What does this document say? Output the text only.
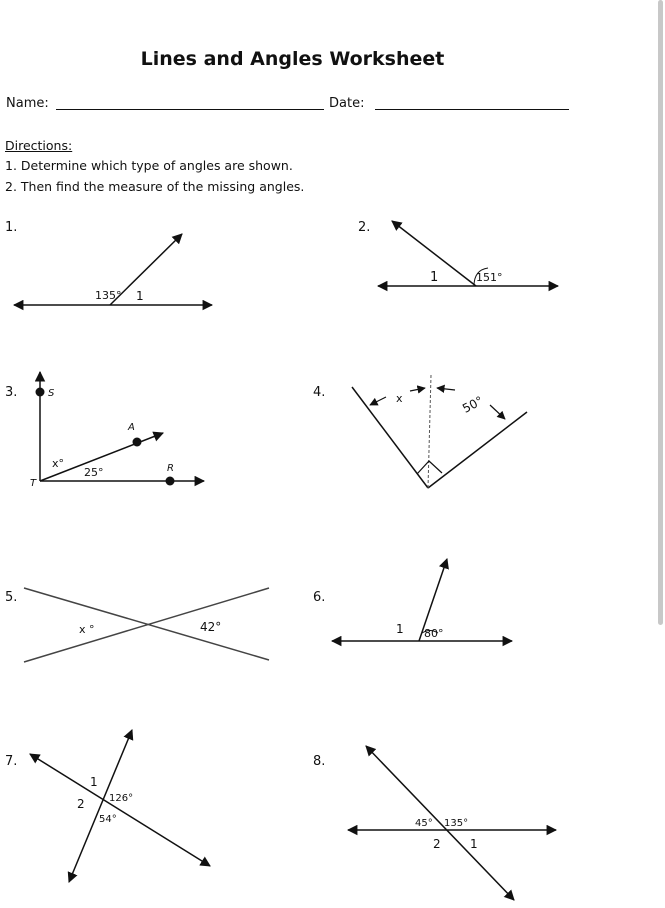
Lines and Angles Worksheet
Name:	Date:
Directions:
1. Determine which type of angles are shown.
2. Then find the measure of the missing angles.
1.	2.
3.	4.
5.	6.
7.	8.
135° 1
1	151°
S
A
x°
25°	R
T
x	50°
x °	42°	1 80°
1
2 126°
54°	45° 135°
2 1
